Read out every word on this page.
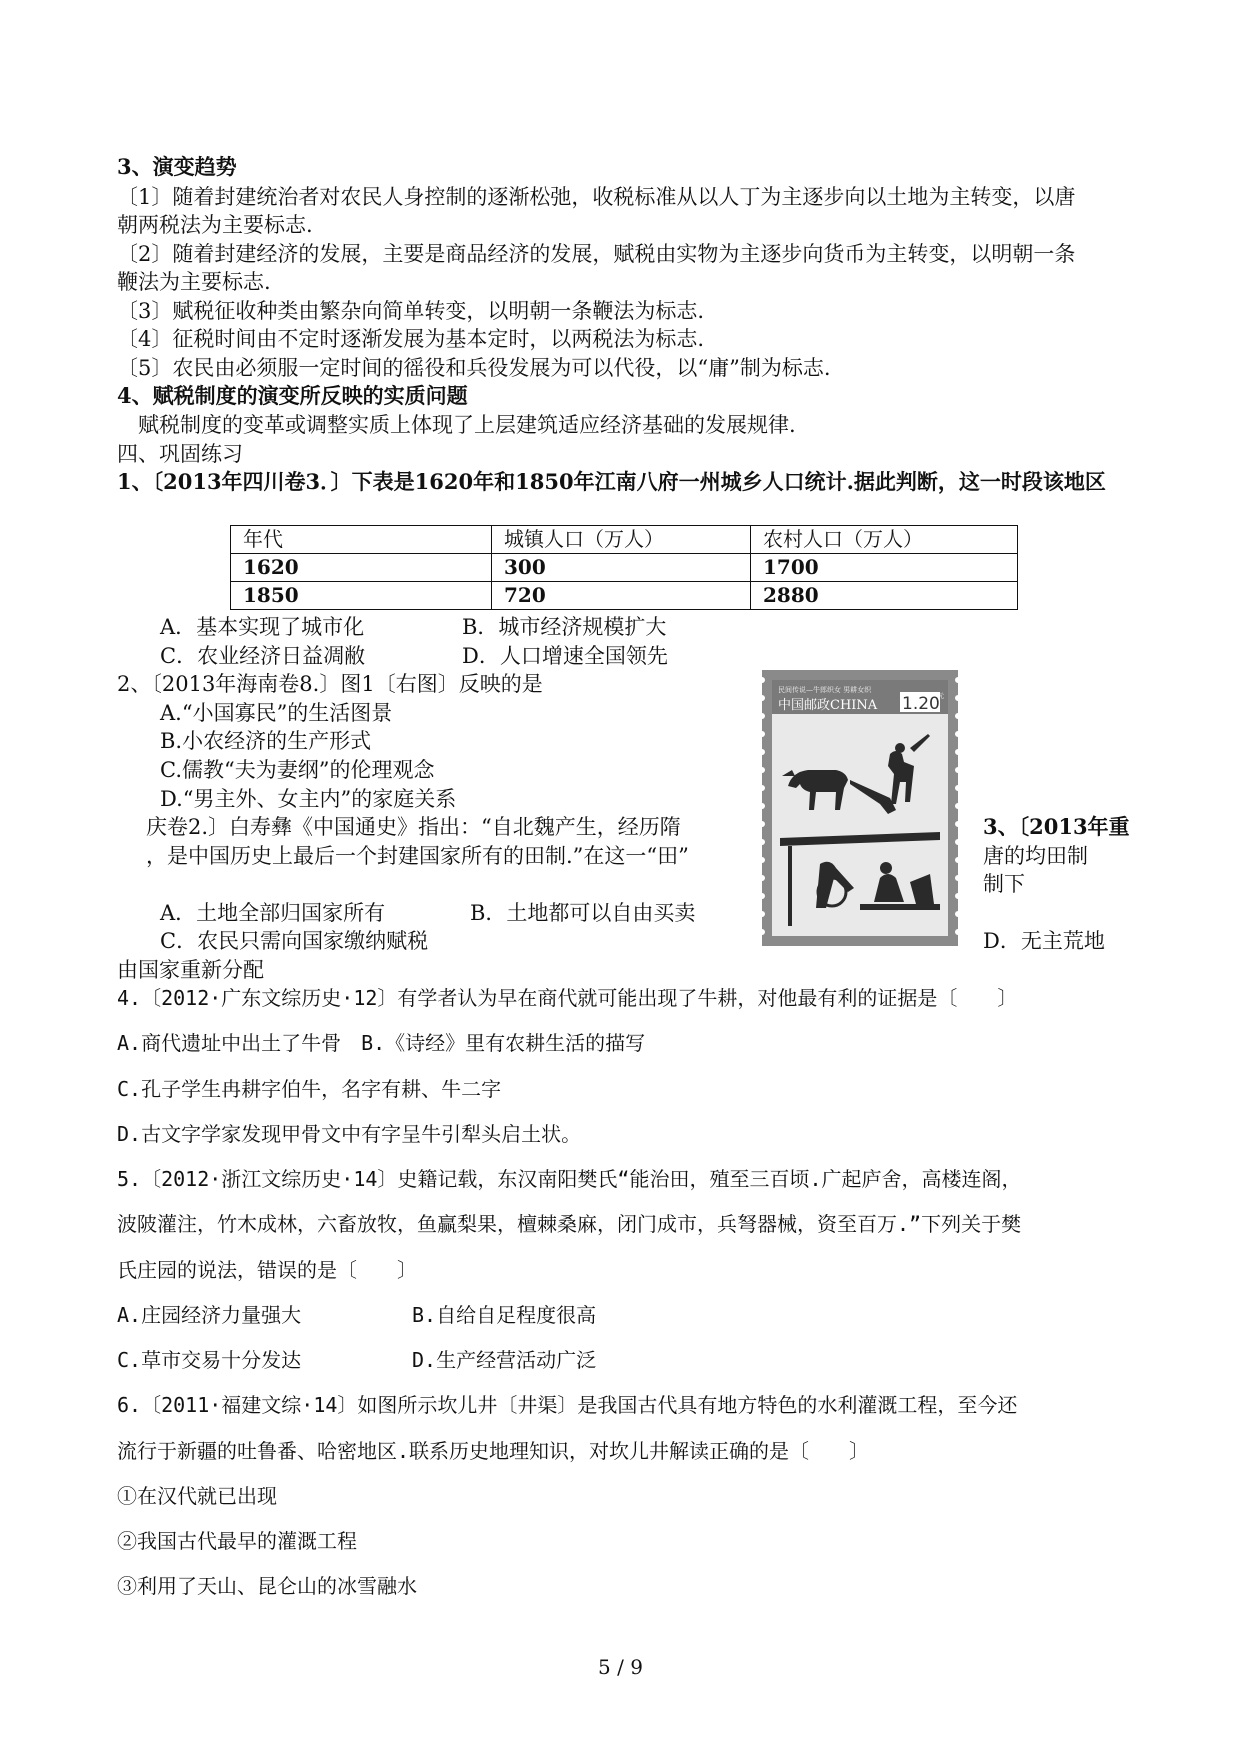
3、演变趋势
〔1〕随着封建统治者对农民人身控制的逐渐松弛，收税标准从以人丁为主逐步向以土地为主转变，以唐
朝两税法为主要标志.
〔2〕随着封建经济的发展，主要是商品经济的发展，赋税由实物为主逐步向货币为主转变，以明朝一条
鞭法为主要标志.
〔3〕赋税征收种类由繁杂向简单转变，以明朝一条鞭法为标志.
〔4〕征税时间由不定时逐渐发展为基本定时，以两税法为标志.
〔5〕农民由必须服一定时间的徭役和兵役发展为可以代役，以“庸”制为标志.
4、赋税制度的演变所反映的实质问题
赋税制度的变革或调整实质上体现了上层建筑适应经济基础的发展规律.
四、巩固练习
1、〔2013年四川卷3．〕下表是1620年和1850年江南八府一州城乡人口统计.据此判断，这一时段该地区
年代	城镇人口（万人）	农村人口（万人）
1620	300	1700
1850	720	2880
A．基本实现了城市化	B．城市经济规模扩大
C．农业经济日益凋敝	D．人口增速全国领先
2、〔2013年海南卷8.〕图1〔右图〕反映的是
A.“小国寡民”的生活图景
B.小农经济的生产形式
C.儒教“夫为妻纲”的伦理观念
D.“男主外、女主内”的家庭关系
民间传说—牛郎织女 男耕女织
中国邮政CHINA 1.20
元
庆卷2.〕白寿彝《中国通史》指出：“自北魏产生，经历隋	3、〔2013年重
，是中国历史上最后一个封建国家所有的田制.”在这一“田”	唐的均田制
制下
A．土地全部归国家所有	B．土地都可以自由买卖
C．农民只需向国家缴纳赋税	D．无主荒地
由国家重新分配
4.〔2012·广东文综历史·12〕有学者认为早在商代就可能出现了牛耕，对他最有利的证据是〔　　〕
A.商代遗址中出土了牛骨　B.《诗经》里有农耕生活的描写
C.孔子学生冉耕字伯牛，名字有耕、牛二字
D.古文字学家发现甲骨文中有字呈牛引犁头启土状。
5.〔2012·浙江文综历史·14〕史籍记载，东汉南阳樊氏“能治田，殖至三百顷.广起庐舍，高楼连阁，
波陂灌注，竹木成林，六畜放牧，鱼赢梨果，檀棘桑麻，闭门成市，兵弩器械，资至百万.”下列关于樊
氏庄园的说法，错误的是〔　　〕
A.庄园经济力量强大	B.自给自足程度很高
C.草市交易十分发达	D.生产经营活动广泛
6.〔2011·福建文综·14〕如图所示坎儿井〔井渠〕是我国古代具有地方特色的水利灌溉工程，至今还
流行于新疆的吐鲁番、哈密地区.联系历史地理知识，对坎儿井解读正确的是〔　　〕
①在汉代就已出现
②我国古代最早的灌溉工程
③利用了天山、昆仑山的冰雪融水
5 / 9
